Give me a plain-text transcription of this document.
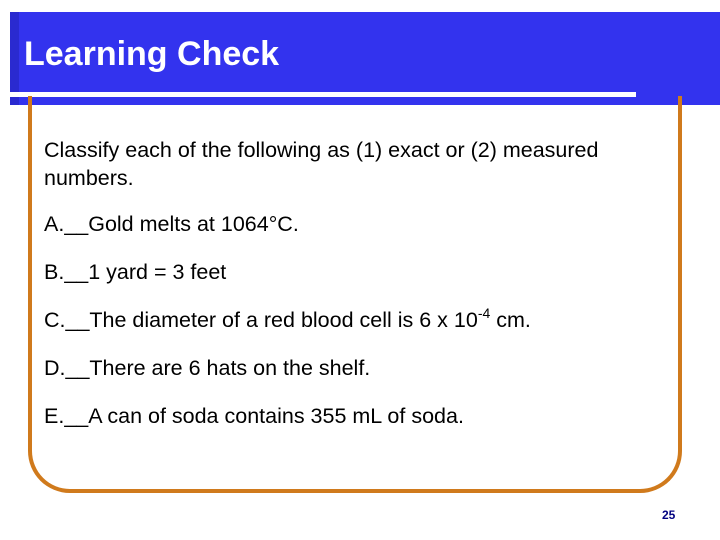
Learning Check

Classify each of the following as (1) exact or (2) measured numbers.

A.__Gold melts at 1064°C.

B.__1 yard = 3 feet

C.__The diameter of a red blood cell is 6 x $10^{-4}$ cm.

D.__There are 6 hats on the shelf.

E.__A can of soda contains 355 mL of soda.

25
